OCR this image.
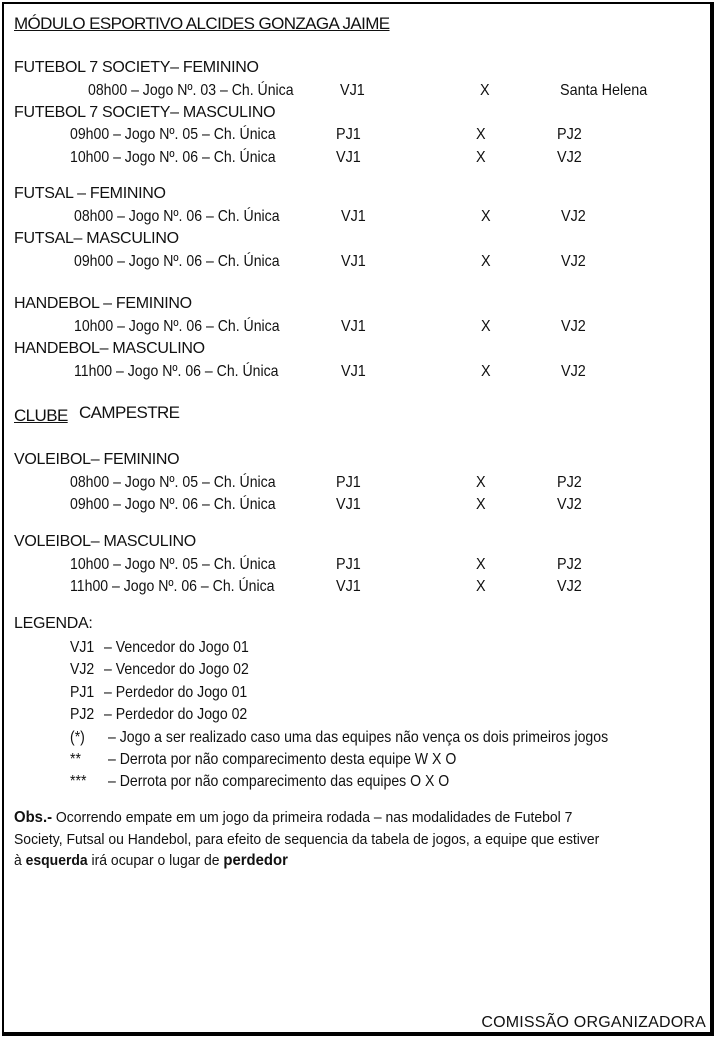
MÓDULO ESPORTIVO ALCIDES GONZAGA JAIME
FUTEBOL 7 SOCIETY– FEMININO
08h00 – Jogo Nº. 03 – Ch. Única	VJ1	X	Santa Helena
FUTEBOL 7 SOCIETY– MASCULINO
09h00 – Jogo Nº. 05 – Ch. Única	PJ1	X	PJ2
10h00 – Jogo Nº. 06 – Ch. Única	VJ1	X	VJ2
FUTSAL – FEMININO
08h00 – Jogo Nº. 06 – Ch. Única	VJ1	X	VJ2
FUTSAL– MASCULINO
09h00 – Jogo Nº. 06 – Ch. Única	VJ1	X	VJ2
HANDEBOL – FEMININO
10h00 – Jogo Nº. 06 – Ch. Única	VJ1	X	VJ2
HANDEBOL– MASCULINO
11h00 – Jogo Nº. 06 – Ch. Única	VJ1	X	VJ2
CLUBE CAMPESTRE
VOLEIBOL– FEMININO
08h00 – Jogo Nº. 05 – Ch. Única	PJ1	X	PJ2
09h00 – Jogo Nº. 06 – Ch. Única	VJ1	X	VJ2
VOLEIBOL– MASCULINO
10h00 – Jogo Nº. 05 – Ch. Única	PJ1	X	PJ2
11h00 – Jogo Nº. 06 – Ch. Única	VJ1	X	VJ2
LEGENDA:
VJ1 – Vencedor do Jogo 01
VJ2 – Vencedor do Jogo 02
PJ1 – Perdedor do Jogo 01
PJ2 – Perdedor do Jogo 02
(*) – Jogo a ser realizado caso uma das equipes não vença os dois primeiros jogos
** – Derrota por não comparecimento desta equipe W X O
*** – Derrota por não comparecimento das equipes O X O
Obs.- Ocorrendo empate em um jogo da primeira rodada – nas modalidades de Futebol 7
Society, Futsal ou Handebol, para efeito de sequencia da tabela de jogos, a equipe que estiver
à esquerda irá ocupar o lugar de perdedor
COMISSÃO ORGANIZADORA
